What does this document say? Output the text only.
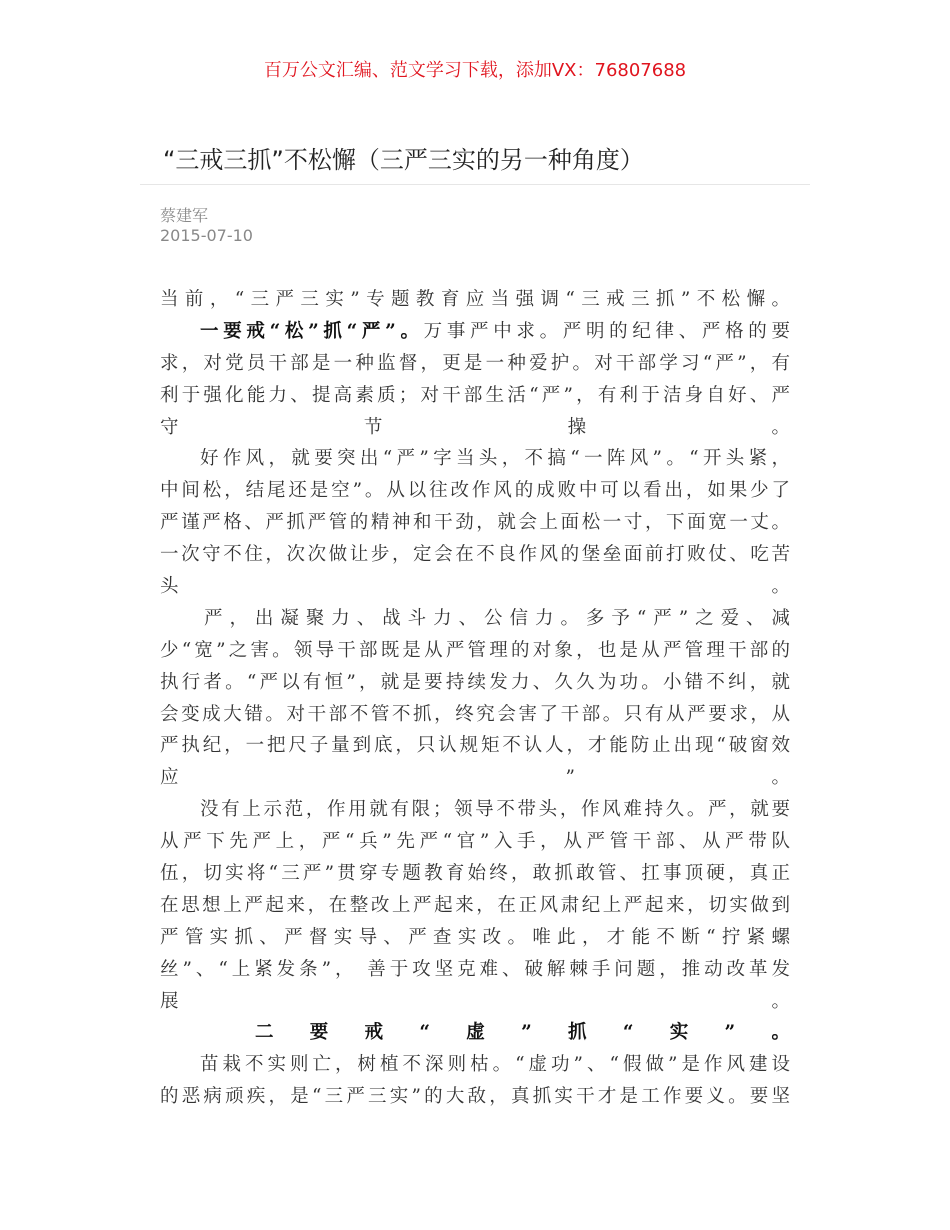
百万公文汇编、范文学习下载，添加VX：76807688
“三戒三抓”不松懈（三严三实的另一种角度）
蔡建军
2015-07-10
当前，“三严三实”专题教育应当强调“三戒三抓”不松懈。
一要戒“松”抓“严”。万事严中求。严明的纪律、严格的要
求，对党员干部是一种监督，更是一种爱护。对干部学习“严”，有
利于强化能力、提高素质；对干部生活“严”，有利于洁身自好、严
守 节 操 。
好作风，就要突出“严”字当头，不搞“一阵风”。“开头紧，
中间松，结尾还是空”。从以往改作风的成败中可以看出，如果少了
严谨严格、严抓严管的精神和干劲，就会上面松一寸，下面宽一丈。
一次守不住，次次做让步，定会在不良作风的堡垒面前打败仗、吃苦
头 。
严，出凝聚力、战斗力、公信力。多予“严”之爱、减
少“宽”之害。领导干部既是从严管理的对象，也是从严管理干部的
执行者。“严以有恒”，就是要持续发力、久久为功。小错不纠，就
会变成大错。对干部不管不抓，终究会害了干部。只有从严要求，从
严执纪，一把尺子量到底，只认规矩不认人，才能防止出现“破窗效
应 ” 。
没有上示范，作用就有限；领导不带头，作风难持久。严，就要
从严下先严上，严“兵”先严“官”入手，从严管干部、从严带队
伍，切实将“三严”贯穿专题教育始终，敢抓敢管、扛事顶硬，真正
在思想上严起来，在整改上严起来，在正风肃纪上严起来，切实做到
严管实抓、严督实导、严查实改。唯此，才能不断“拧紧螺
丝”、“上紧发条”， 善于攻坚克难、破解棘手问题，推动改革发
展 。
二要戒“虚”抓“实”。
苗栽不实则亡，树植不深则枯。“虚功”、“假做”是作风建设
的恶病顽疾，是“三严三实”的大敌，真抓实干才是工作要义。要坚
